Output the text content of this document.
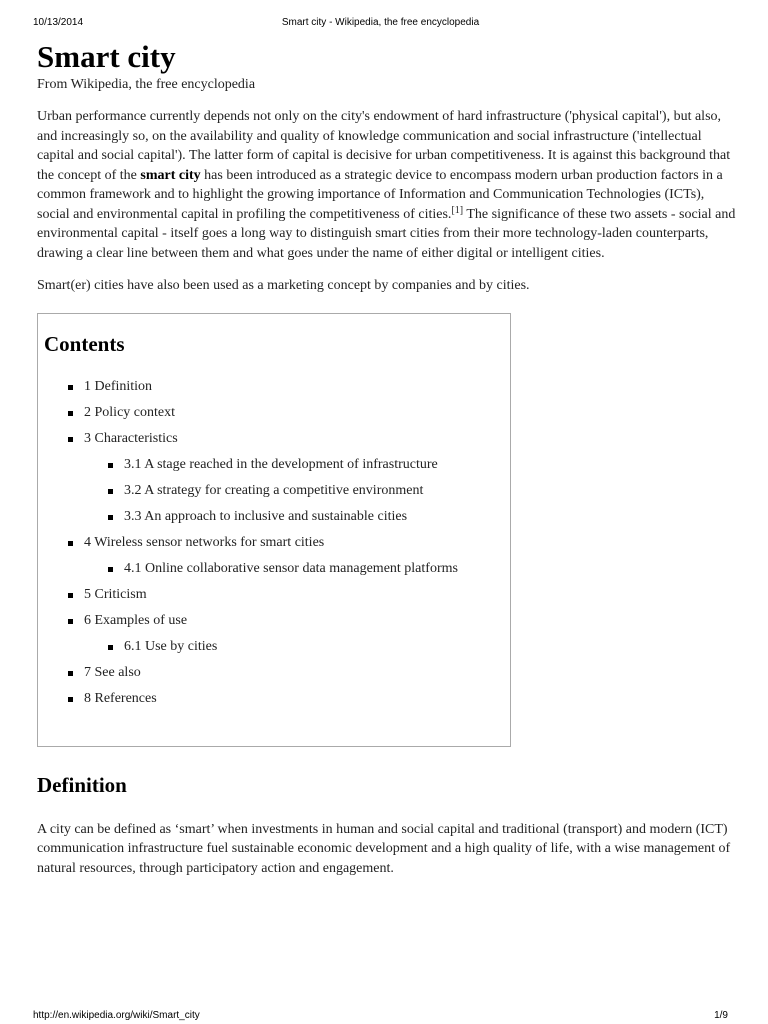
10/13/2014	Smart city - Wikipedia, the free encyclopedia
Smart city
From Wikipedia, the free encyclopedia

Urban performance currently depends not only on the city's endowment of hard infrastructure ('physical capital'), but also, and increasingly so, on the availability and quality of knowledge communication and social infrastructure ('intellectual capital and social capital'). The latter form of capital is decisive for urban competitiveness. It is against this background that the concept of the smart city has been introduced as a strategic device to encompass modern urban production factors in a common framework and to highlight the growing importance of Information and Communication Technologies (ICTs), social and environmental capital in profiling the competitiveness of cities.[1] The significance of these two assets - social and environmental capital - itself goes a long way to distinguish smart cities from their more technology-laden counterparts, drawing a clear line between them and what goes under the name of either digital or intelligent cities.

Smart(er) cities have also been used as a marketing concept by companies and by cities.

Contents
1 Definition
2 Policy context
3 Characteristics
3.1 A stage reached in the development of infrastructure
3.2 A strategy for creating a competitive environment
3.3 An approach to inclusive and sustainable cities
4 Wireless sensor networks for smart cities
4.1 Online collaborative sensor data management platforms
5 Criticism
6 Examples of use
6.1 Use by cities
7 See also
8 References
Definition

A city can be defined as ‘smart’ when investments in human and social capital and traditional (transport) and modern (ICT) communication infrastructure fuel sustainable economic development and a high quality of life, with a wise management of natural resources, through participatory action and engagement.

http://en.wikipedia.org/wiki/Smart_city	1/9
